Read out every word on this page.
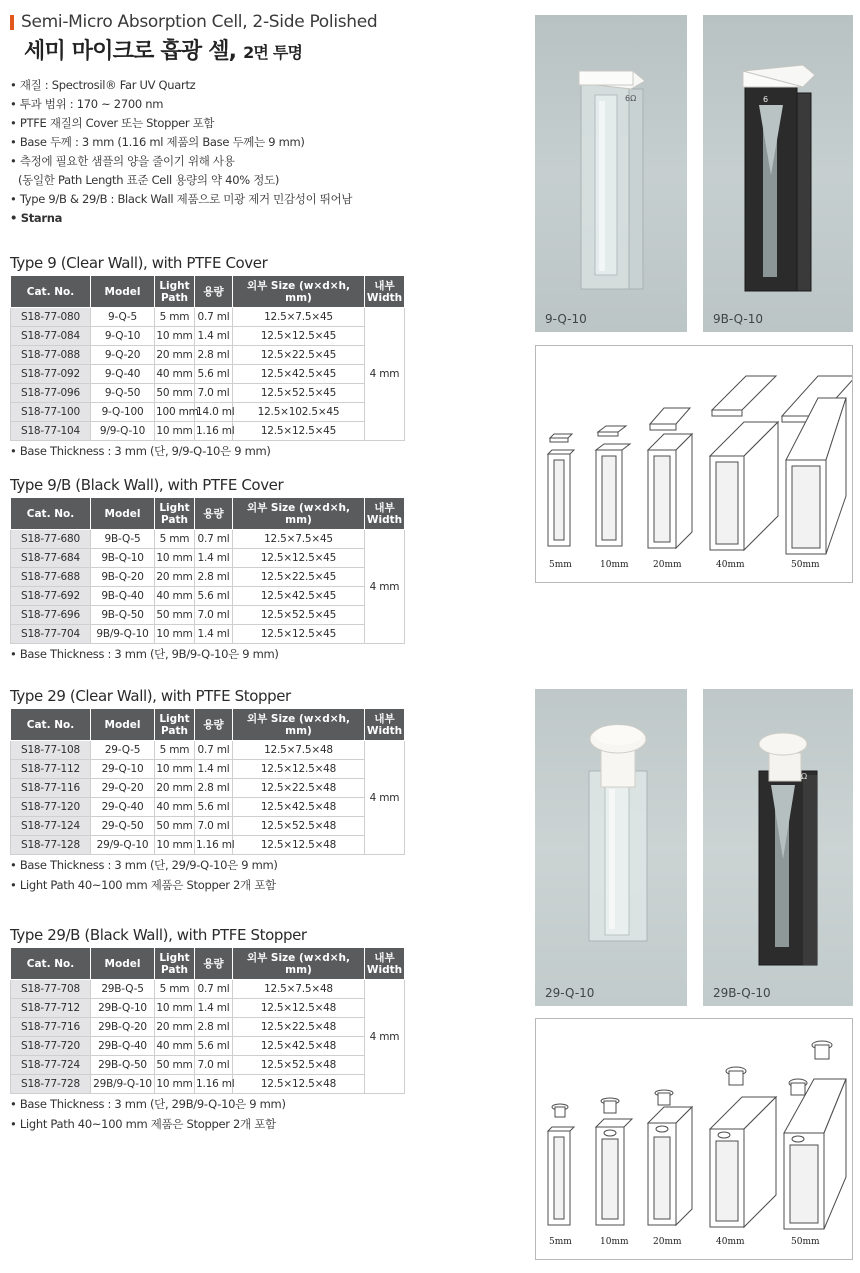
Semi-Micro Absorption Cell, 2-Side Polished
세미 마이크로 흡광 셀, 2면 투명
• 재질 : Spectrosil® Far UV Quartz
• 투과 범위 : 170 ~ 2700 nm
• PTFE 재질의 Cover 또는 Stopper 포함
• Base 두께 : 3 mm (1.16 ml 제품의 Base 두께는 9 mm)
• 측정에 필요한 샘플의 양을 줄이기 위해 사용
(동일한 Path Length 표준 Cell 용량의 약 40% 정도)
• Type 9/B & 29/B : Black Wall 제품으로 미광 제거 민감성이 뛰어남
• Starna
Type 9 (Clear Wall), with PTFE Cover
Cat. No.	Model	Light Path	용량	외부 Size (w×d×h, mm)	내부 Width
S18-77-080	9-Q-5	5 mm	0.7 ml	12.5×7.5×45	4 mm
S18-77-084	9-Q-10	10 mm	1.4 ml	12.5×12.5×45	
S18-77-088	9-Q-20	20 mm	2.8 ml	12.5×22.5×45	
S18-77-092	9-Q-40	40 mm	5.6 ml	12.5×42.5×45	
S18-77-096	9-Q-50	50 mm	7.0 ml	12.5×52.5×45	
S18-77-100	9-Q-100	100 mm	14.0 ml	12.5×102.5×45	
S18-77-104	9/9-Q-10	10 mm	1.16 ml	12.5×12.5×45	
• Base Thickness : 3 mm (단, 9/9-Q-10은 9 mm)
Type 9/B (Black Wall), with PTFE Cover
Cat. No.	Model	Light Path	용량	외부 Size (w×d×h, mm)	내부 Width
S18-77-680	9B-Q-5	5 mm	0.7 ml	12.5×7.5×45	4 mm
S18-77-684	9B-Q-10	10 mm	1.4 ml	12.5×12.5×45	
S18-77-688	9B-Q-20	20 mm	2.8 ml	12.5×22.5×45	
S18-77-692	9B-Q-40	40 mm	5.6 ml	12.5×42.5×45	
S18-77-696	9B-Q-50	50 mm	7.0 ml	12.5×52.5×45	
S18-77-704	9B/9-Q-10	10 mm	1.4 ml	12.5×12.5×45	
• Base Thickness : 3 mm (단, 9B/9-Q-10은 9 mm)
Type 29 (Clear Wall), with PTFE Stopper
Cat. No.	Model	Light Path	용량	외부 Size (w×d×h, mm)	내부 Width
S18-77-108	29-Q-5	5 mm	0.7 ml	12.5×7.5×48	4 mm
S18-77-112	29-Q-10	10 mm	1.4 ml	12.5×12.5×48	
S18-77-116	29-Q-20	20 mm	2.8 ml	12.5×22.5×48	
S18-77-120	29-Q-40	40 mm	5.6 ml	12.5×42.5×48	
S18-77-124	29-Q-50	50 mm	7.0 ml	12.5×52.5×48	
S18-77-128	29/9-Q-10	10 mm	1.16 ml	12.5×12.5×48	
• Base Thickness : 3 mm (단, 29/9-Q-10은 9 mm)
• Light Path 40~100 mm 제품은 Stopper 2개 포함
Type 29/B (Black Wall), with PTFE Stopper
Cat. No.	Model	Light Path	용량	외부 Size (w×d×h, mm)	내부 Width
S18-77-708	29B-Q-5	5 mm	0.7 ml	12.5×7.5×48	4 mm
S18-77-712	29B-Q-10	10 mm	1.4 ml	12.5×12.5×48	
S18-77-716	29B-Q-20	20 mm	2.8 ml	12.5×22.5×48	
S18-77-720	29B-Q-40	40 mm	5.6 ml	12.5×42.5×48	
S18-77-724	29B-Q-50	50 mm	7.0 ml	12.5×52.5×48	
S18-77-728	29B/9-Q-10	10 mm	1.16 ml	12.5×12.5×48	
• Base Thickness : 3 mm (단, 29B/9-Q-10은 9 mm)
• Light Path 40~100 mm 제품은 Stopper 2개 포함
6Ω
9-Q-10
6
9B-Q-10
29-Q-10
Ω
29B-Q-10
5mm	10mm	20mm	40mm	50mm
5mm	10mm	20mm	40mm	50mm
